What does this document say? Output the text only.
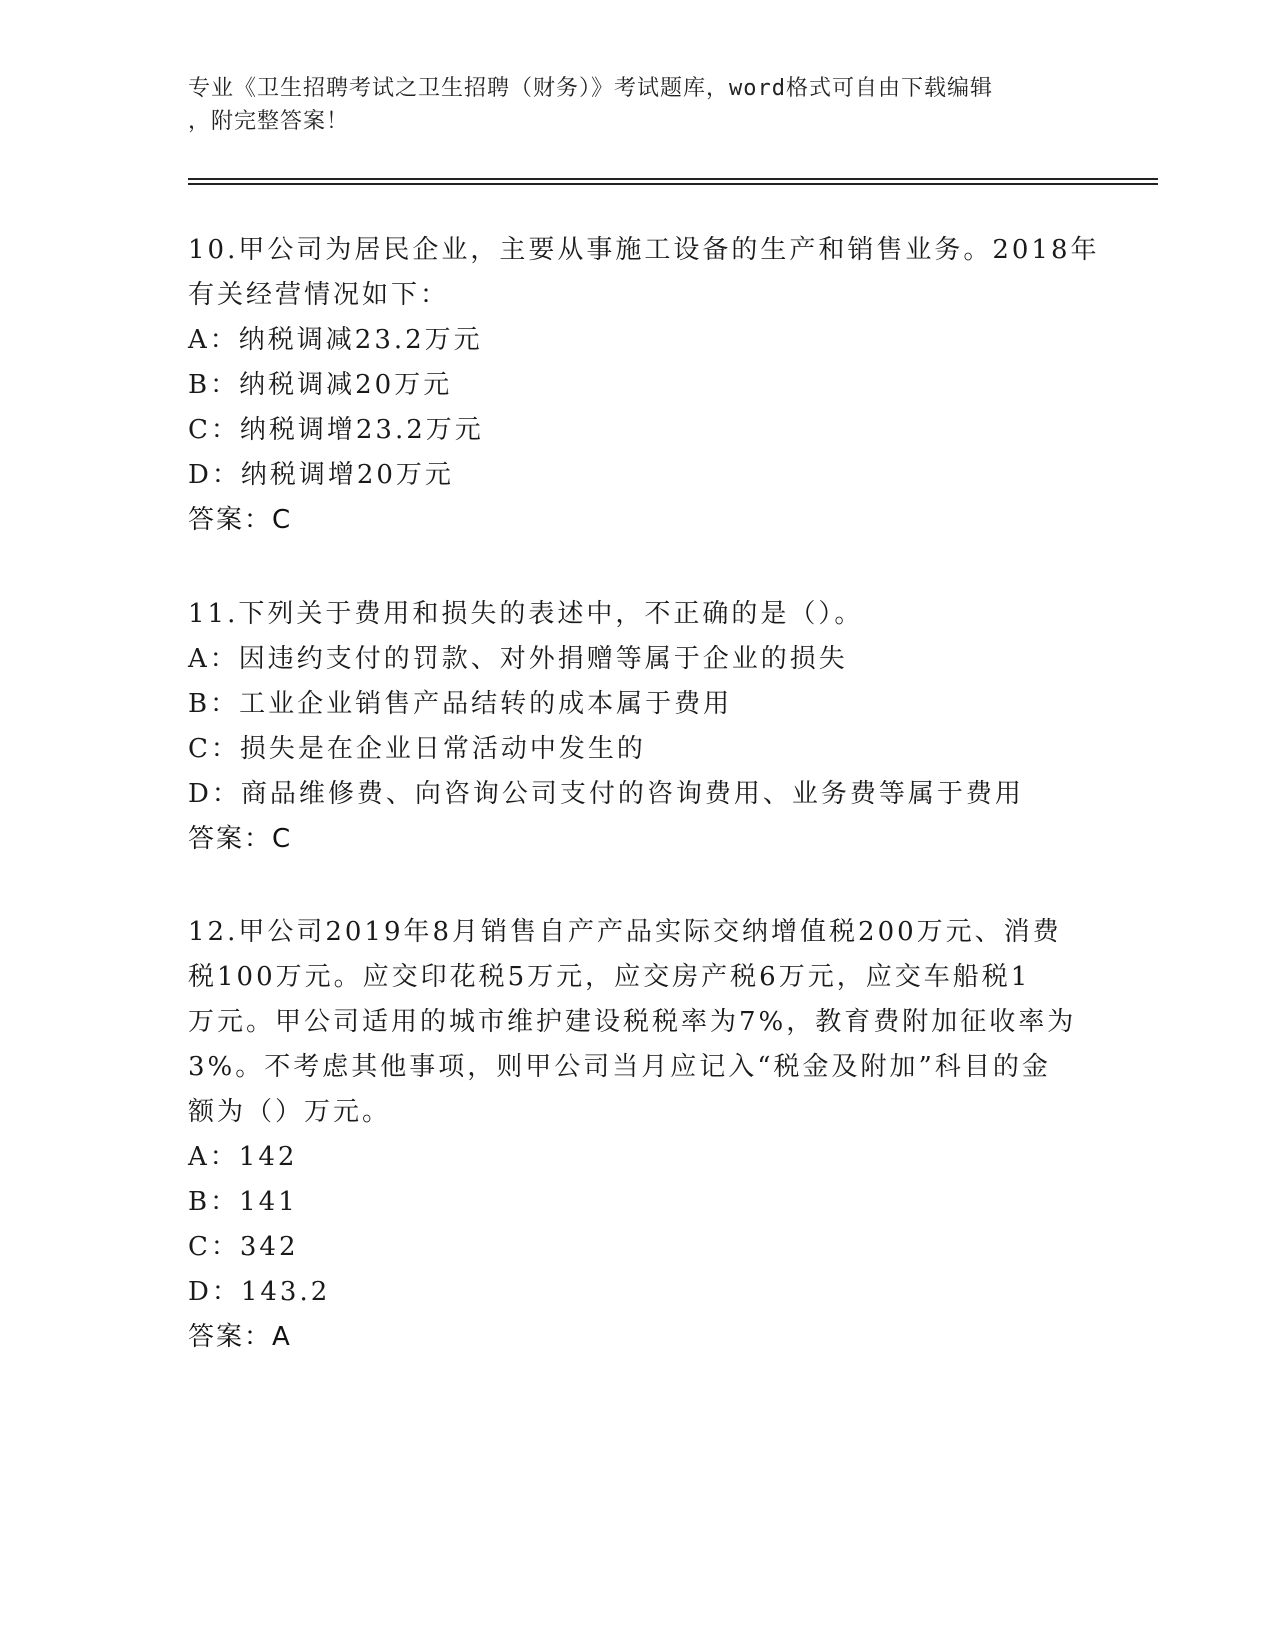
专业《卫生招聘考试之卫生招聘（财务）》考试题库，word格式可自由下载编辑
，附完整答案！
10.甲公司为居民企业，主要从事施工设备的生产和销售业务。2018年
有关经营情况如下：
A：纳税调减23.2万元
B：纳税调减20万元
C：纳税调增23.2万元
D：纳税调增20万元
答案：C
11.下列关于费用和损失的表述中，不正确的是（）。
A：因违约支付的罚款、对外捐赠等属于企业的损失
B：工业企业销售产品结转的成本属于费用
C：损失是在企业日常活动中发生的
D：商品维修费、向咨询公司支付的咨询费用、业务费等属于费用
答案：C
12.甲公司2019年8月销售自产产品实际交纳增值税200万元、消费
税100万元。应交印花税5万元，应交房产税6万元，应交车船税1
万元。甲公司适用的城市维护建设税税率为7%，教育费附加征收率为
3%。不考虑其他事项，则甲公司当月应记入“税金及附加”科目的金
额为（）万元。
A：142
B：141
C：342
D：143.2
答案：A
